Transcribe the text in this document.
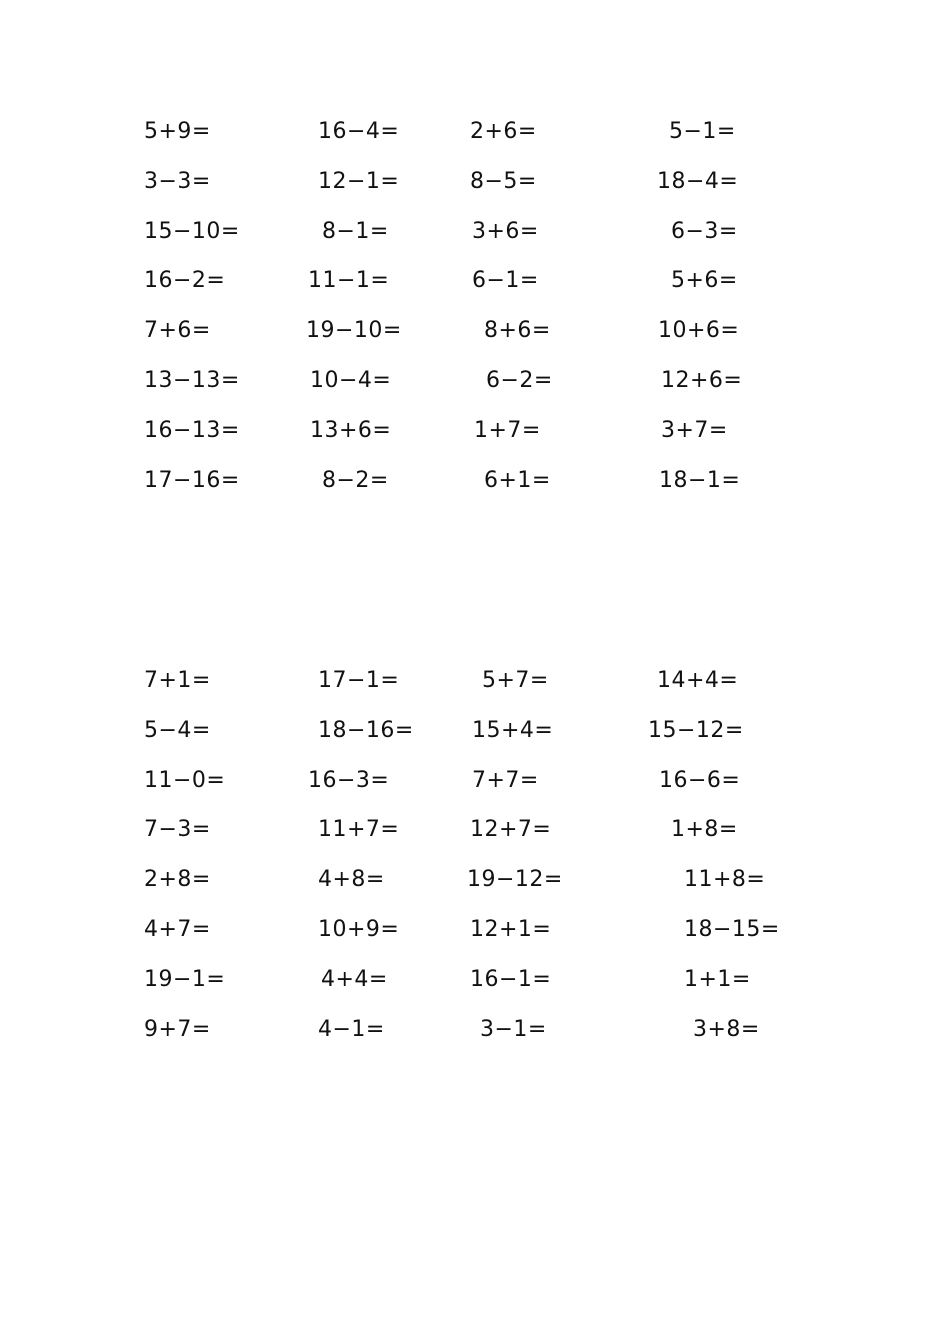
5+9=	16−4=	2+6=	5−1=
3−3=	12−1=	8−5=	18−4=
15−10=	8−1=	3+6=	6−3=
16−2=	11−1=	6−1=	5+6=
7+6=	19−10=	8+6=	10+6=
13−13=	10−4=	6−2=	12+6=
16−13=	13+6=	1+7=	3+7=
17−16=	8−2=	6+1=	18−1=
7+1=	17−1=	5+7=	14+4=
5−4=	18−16=	15+4=	15−12=
11−0=	16−3=	7+7=	16−6=
7−3=	11+7=	12+7=	1+8=
2+8=	4+8=	19−12=	11+8=
4+7=	10+9=	12+1=	18−15=
19−1=	4+4=	16−1=	1+1=
9+7=	4−1=	3−1=	3+8=
